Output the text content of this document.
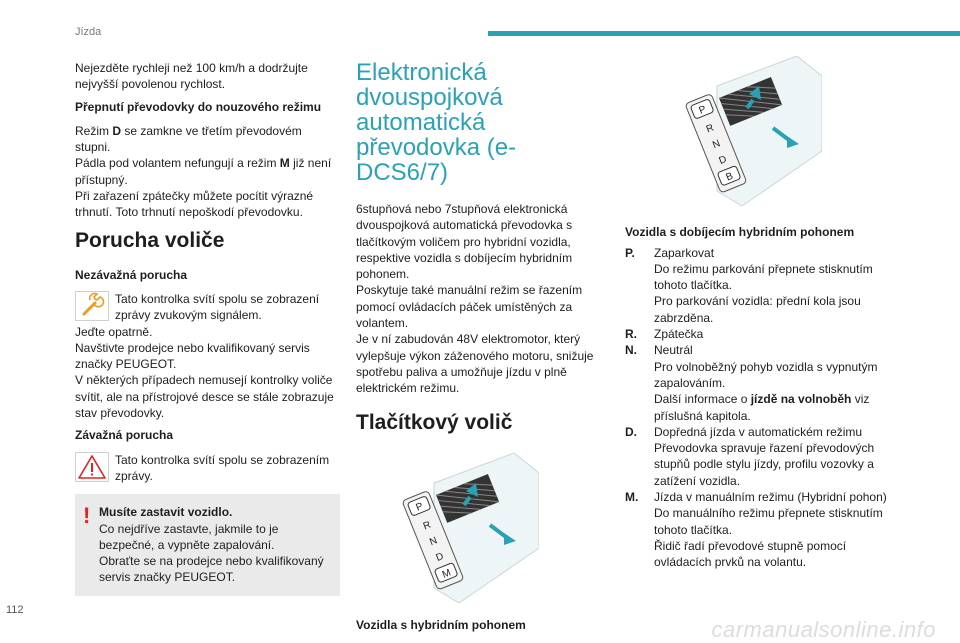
Jízda

Nejezděte rychleji než 100 km/h a dodržujte nejvyšší povolenou rychlost.

Přepnutí převodovky do nouzového režimu

Režim D se zamkne ve třetím převodovém stupni.

Pádla pod volantem nefungují a režim M již není přístupný.

Při zařazení zpátečky můžete pocítit výrazné trhnutí. Toto trhnutí nepoškodí převodovku.

Porucha voliče

Nezávažná porucha

Tato kontrolka svítí spolu se zobrazení zprávy zvukovým signálem.

Jeďte opatrně.

Navštivte prodejce nebo kvalifikovaný servis značky PEUGEOT.

V některých případech nemusejí kontrolky voliče svítit, ale na přístrojové desce se stále zobrazuje stav převodovky.

Závažná porucha

Tato kontrolka svítí spolu se zobrazením zprávy.

! Musíte zastavit vozidlo.

Co nejdříve zastavte, jakmile to je bezpečné, a vypněte zapalování.

Obraťte se na prodejce nebo kvalifikovaný servis značky PEUGEOT.

Elektronická dvouspojková automatická převodovka (e-DCS6/7)

6stupňová nebo 7stupňová elektronická dvouspojková automatická převodovka s tlačítkovým voličem pro hybridní vozidla, respektive vozidla s dobíjecím hybridním pohonem.

Poskytuje také manuální režim se řazením pomocí ovládacích páček umístěných za volantem.

Je v ní zabudován 48V elektromotor, který vylepšuje výkon záženového motoru, snižuje spotřebu paliva a umožňuje jízdu v plně elektrickém režimu.

Tlačítkový volič
P
R
N
D
M

Vozidla s hybridním pohonem

P
R
N
D
B

Vozidla s dobíjecím hybridním pohonem

P.	Zaparkovat

Do režimu parkování přepnete stisknutím tohoto tlačítka.

Pro parkování vozidla: přední kola jsou zabrzděna.

R.	Zpátečka

N.	Neutrál

Pro volnoběžný pohyb vozidla s vypnutým zapalováním.

Další informace o jízdě na volnoběh viz příslušná kapitola.

D.	Dopředná jízda v automatickém režimu

Převodovka spravuje řazení převodových stupňů podle stylu jízdy, profilu vozovky a zatížení vozidla.

M.	Jízda v manuálním režimu (Hybridní pohon)

Do manuálního režimu přepnete stisknutím tohoto tlačítka.

Řidič řadí převodové stupně pomocí ovládacích prvků na volantu.

112
carmanualsonline.info
